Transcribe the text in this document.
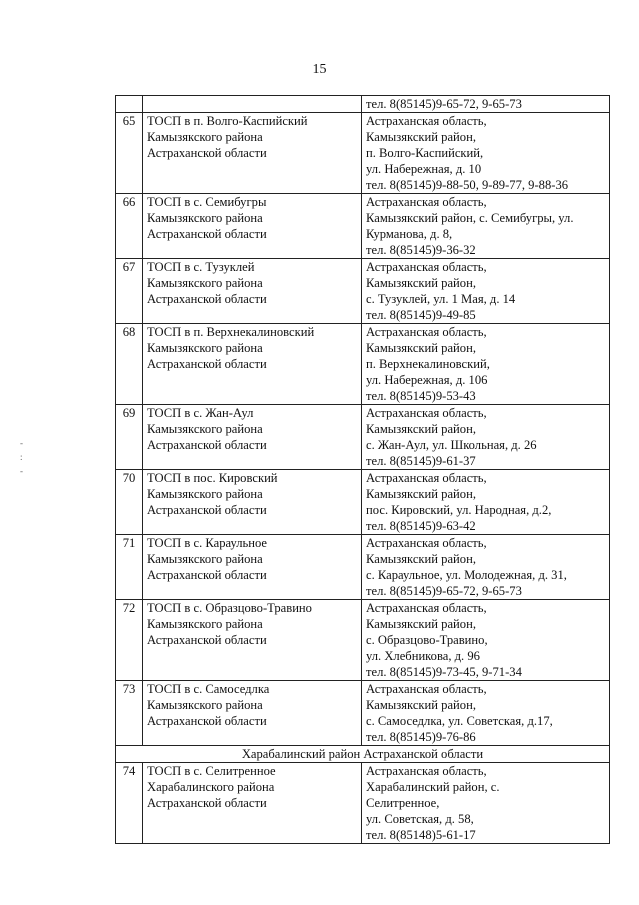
15
-
:
-

		тел. 8(85145)9-65-72, 9-65-73

65	ТОСП в п. Волго-Каспийский
Камызякского района
Астраханской области	Астраханская область,
Камызякский район,
п. Волго-Каспийский,
ул. Набережная, д. 10
тел. 8(85145)9-88-50, 9-89-77, 9-88-36

66	ТОСП в с. Семибугры
Камызякского района
Астраханской области	Астраханская область,
Камызякский район, с. Семибугры, ул.
Курманова, д. 8,
тел. 8(85145)9-36-32

67	ТОСП в с. Тузуклей
Камызякского района
Астраханской области	Астраханская область,
Камызякский район,
с. Тузуклей, ул. 1 Мая, д. 14
тел. 8(85145)9-49-85

68	ТОСП в п. Верхнекалиновский
Камызякского района
Астраханской области	Астраханская область,
Камызякский район,
п. Верхнекалиновский,
ул. Набережная, д. 106
тел. 8(85145)9-53-43

69	ТОСП в с. Жан-Аул
Камызякского района
Астраханской области	Астраханская область,
Камызякский район,
с. Жан-Аул, ул. Школьная, д. 26
тел. 8(85145)9-61-37

70	ТОСП в пос. Кировский
Камызякского района
Астраханской области	Астраханская область,
Камызякский район,
пос. Кировский, ул. Народная, д.2,
тел. 8(85145)9-63-42

71	ТОСП в с. Караульное
Камызякского района
Астраханской области	Астраханская область,
Камызякский район,
с. Караульное, ул. Молодежная, д. 31,
тел. 8(85145)9-65-72, 9-65-73

72	ТОСП в с. Образцово-Травино
Камызякского района
Астраханской области	Астраханская область,
Камызякский район,
с. Образцово-Травино,
ул. Хлебникова, д. 96
тел. 8(85145)9-73-45, 9-71-34

73	ТОСП в с. Самоседлка
Камызякского района
Астраханской области	Астраханская область,
Камызякский район,
с. Самоседлка, ул. Советская, д.17,
тел. 8(85145)9-76-86

Харабалинский район Астраханской области		
74	ТОСП в с. Селитренное
Харабалинского района
Астраханской области	Астраханская область,
Харабалинский район, с.
Селитренное,
ул. Советская, д. 58,
тел. 8(85148)5-61-17
